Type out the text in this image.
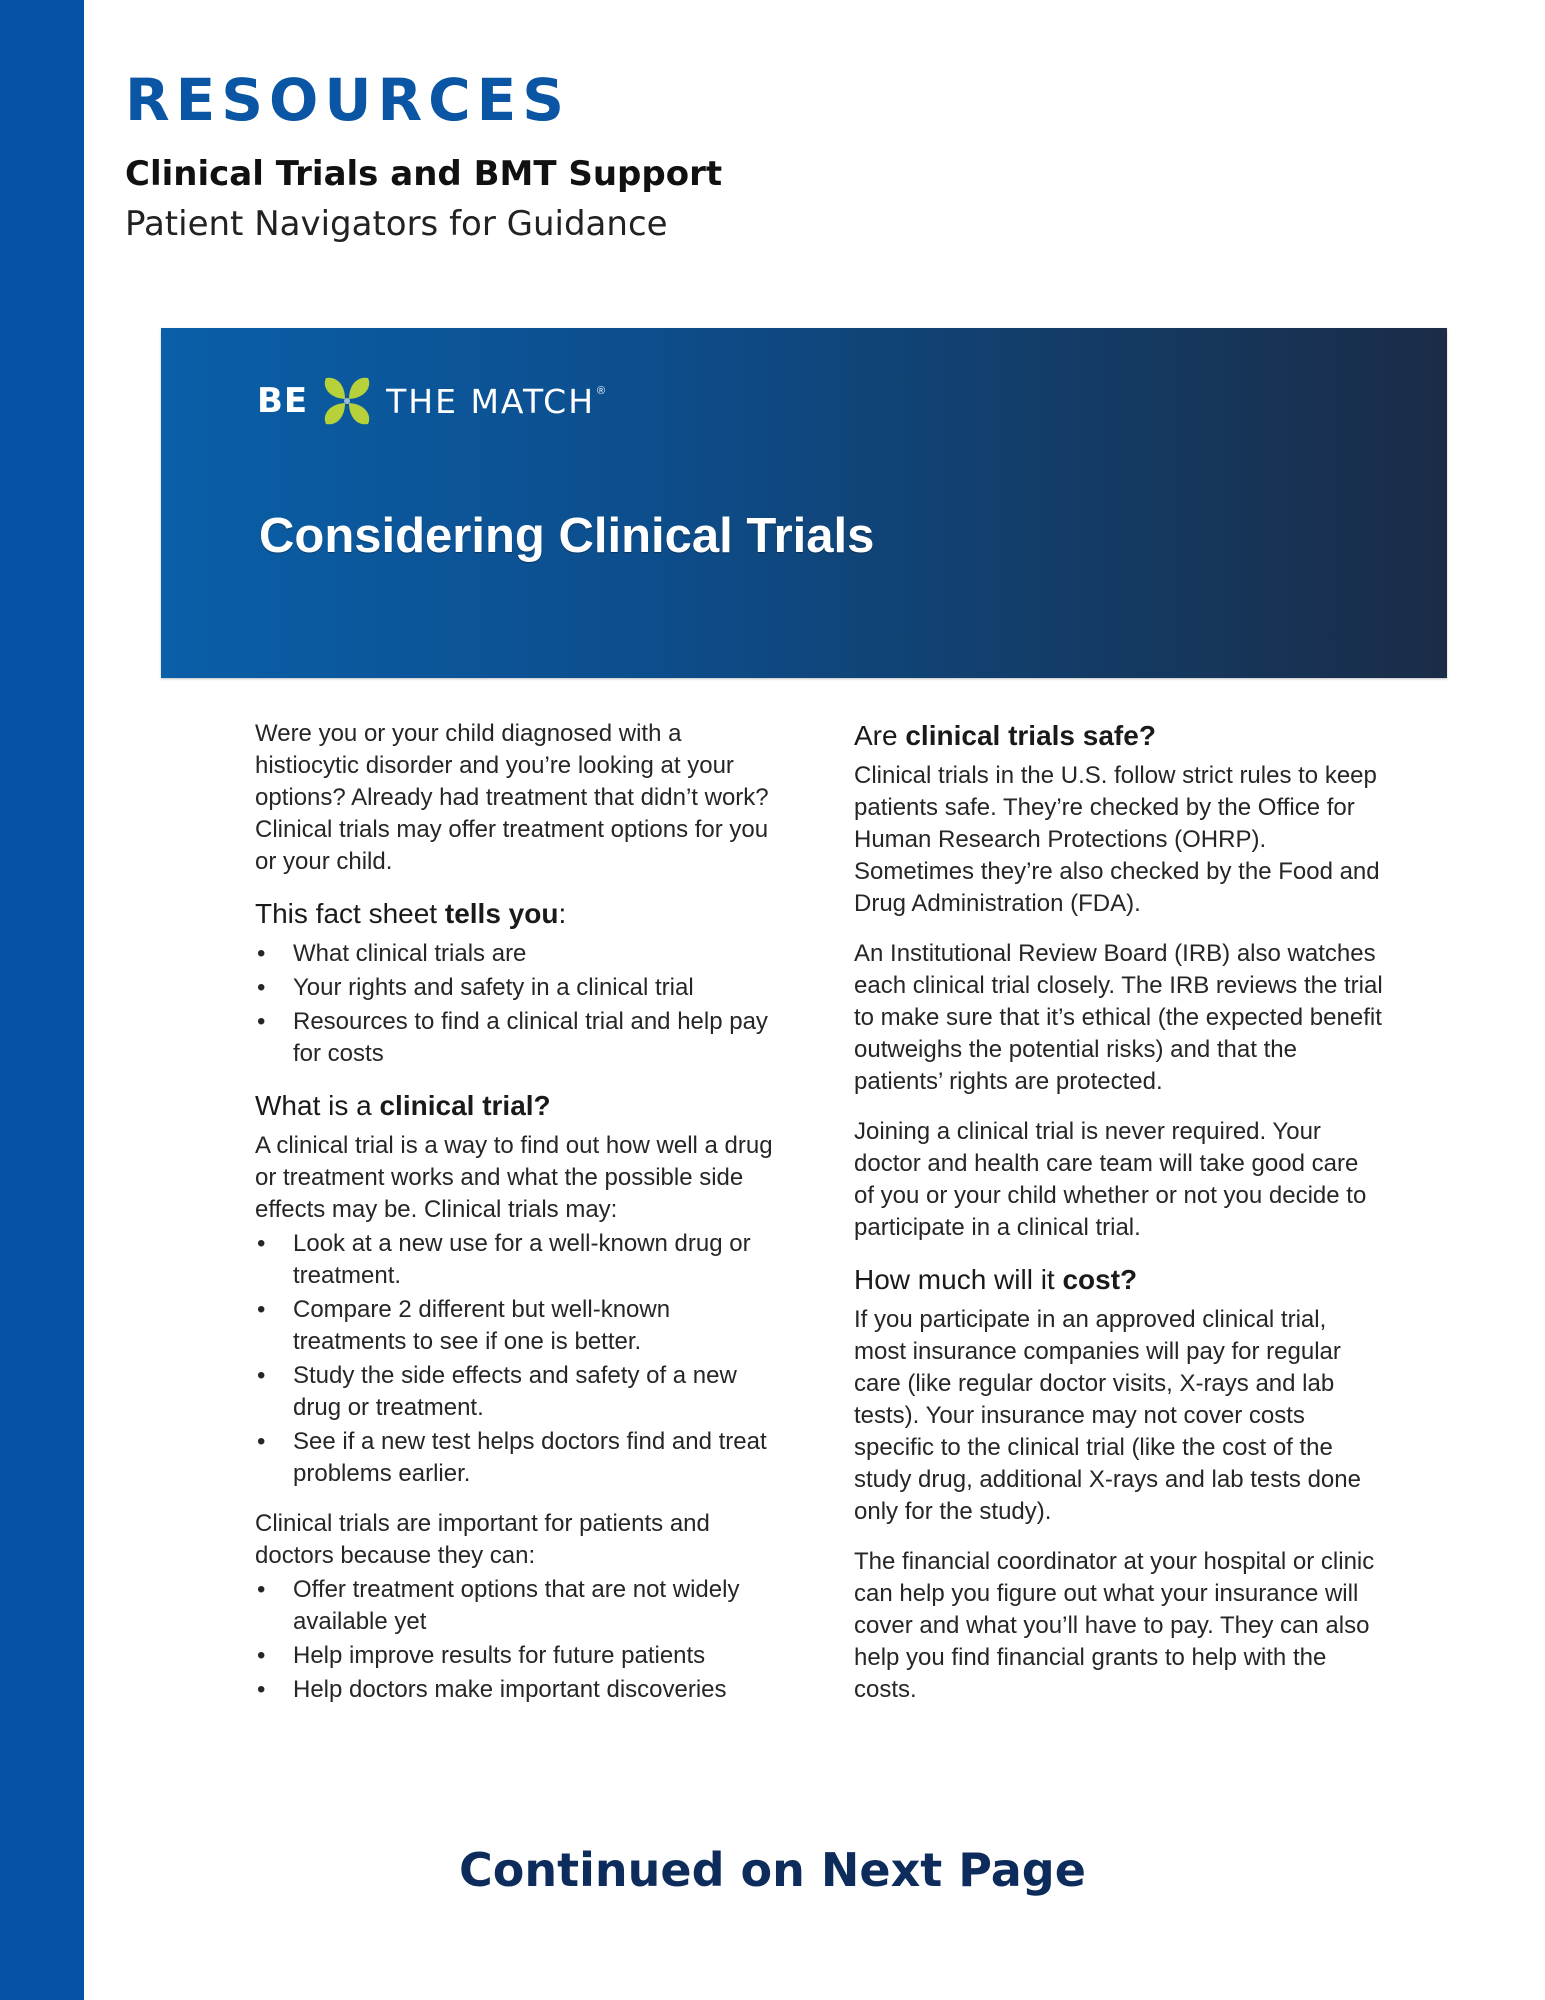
RESOURCES
Clinical Trials and BMT Support
Patient Navigators for Guidance
BE THE MATCH ®
Considering Clinical Trials

Were you or your child diagnosed with a histiocytic disorder and you’re looking at your options? Already had treatment that didn’t work? Clinical trials may offer treatment options for you or your child.

This fact sheet tells you:
•	What clinical trials are
•	Your rights and safety in a clinical trial
•	Resources to find a clinical trial and help pay for costs
What is a clinical trial?

A clinical trial is a way to find out how well a drug or treatment works and what the possible side effects may be. Clinical trials may:

•	Look at a new use for a well-known drug or treatment.
•	Compare 2 different but well-known treatments to see if one is better.
•	Study the side effects and safety of a new drug or treatment.
•	See if a new test helps doctors find and treat problems earlier.

Clinical trials are important for patients and doctors because they can:

•	Offer treatment options that are not widely available yet
•	Help improve results for future patients
•	Help doctors make important discoveries
Are clinical trials safe?

Clinical trials in the U.S. follow strict rules to keep patients safe. They’re checked by the Office for Human Research Protections (OHRP). Sometimes they’re also checked by the Food and Drug Administration (FDA).

An Institutional Review Board (IRB) also watches each clinical trial closely. The IRB reviews the trial to make sure that it’s ethical (the expected benefit outweighs the potential risks) and that the patients’ rights are protected.

Joining a clinical trial is never required. Your doctor and health care team will take good care of you or your child whether or not you decide to participate in a clinical trial.

How much will it cost?

If you participate in an approved clinical trial, most insurance companies will pay for regular care (like regular doctor visits, X-rays and lab tests). Your insurance may not cover costs specific to the clinical trial (like the cost of the study drug, additional X-rays and lab tests done only for the study).

The financial coordinator at your hospital or clinic can help you figure out what your insurance will cover and what you’ll have to pay. They can also help you find financial grants to help with the costs.

Continued on Next Page
